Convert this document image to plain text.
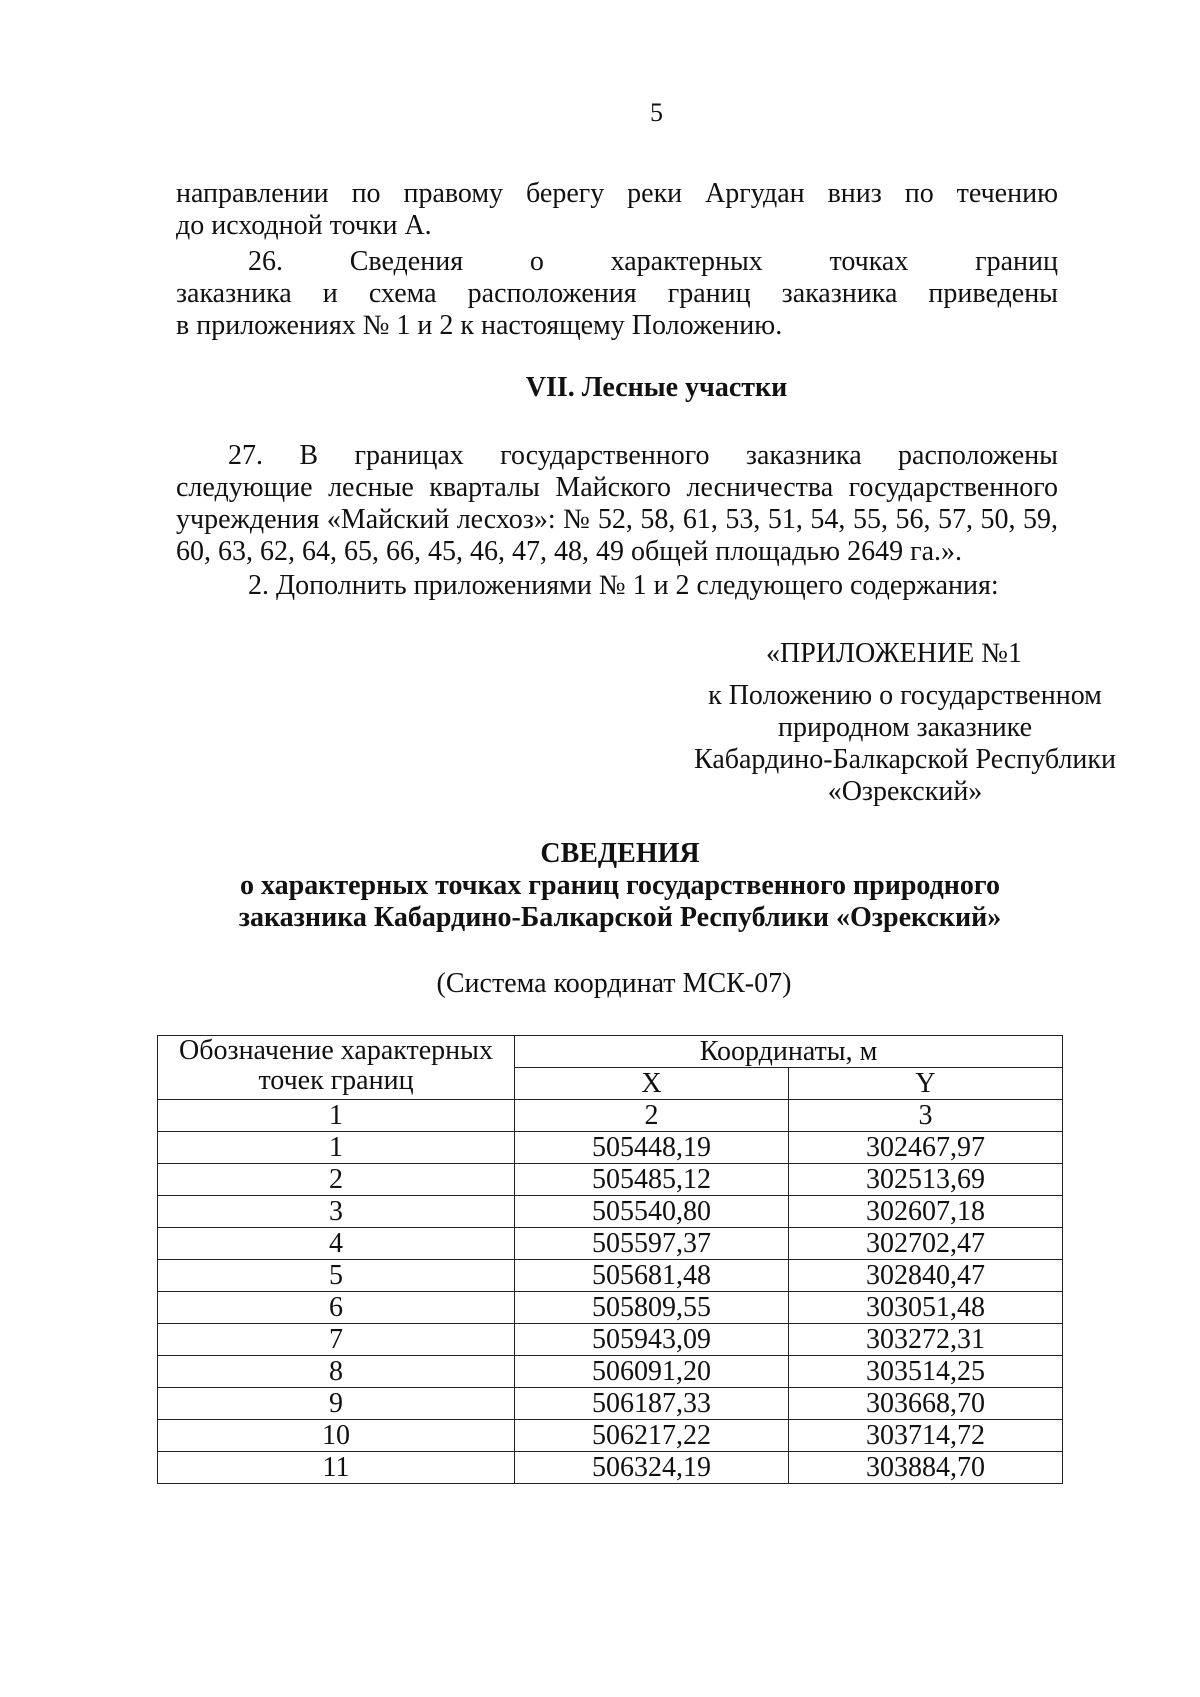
5
направлении по правому берегу реки Аргудан вниз по течению
до исходной точки А.
26. Сведения о характерных точках границ
заказника и схема расположения границ заказника приведены
в приложениях № 1 и 2 к настоящему Положению.
VII. Лесные участки
27. В границах государственного заказника расположены
следующие лесные кварталы Майского лесничества государственного
учреждения «Майский лесхоз»: № 52, 58, 61, 53, 51, 54, 55, 56, 57, 50, 59,
60, 63, 62, 64, 65, 66, 45, 46, 47, 48, 49 общей площадью 2649 га.».
2. Дополнить приложениями № 1 и 2 следующего содержания:
«ПРИЛОЖЕНИЕ №1
к Положению о государственном
природном заказнике
Кабардино-Балкарской Республики
«Озрекский»
СВЕДЕНИЯ
о характерных точках границ государственного природного
заказника Кабардино-Балкарской Республики «Озрекский»
(Система координат МСК-07)
Обозначение характерных точек границ	Координаты, м	
	X	Y
1	2	3
1	505448,19	302467,97
2	505485,12	302513,69
3	505540,80	302607,18
4	505597,37	302702,47
5	505681,48	302840,47
6	505809,55	303051,48
7	505943,09	303272,31
8	506091,20	303514,25
9	506187,33	303668,70
10	506217,22	303714,72
11	506324,19	303884,70
